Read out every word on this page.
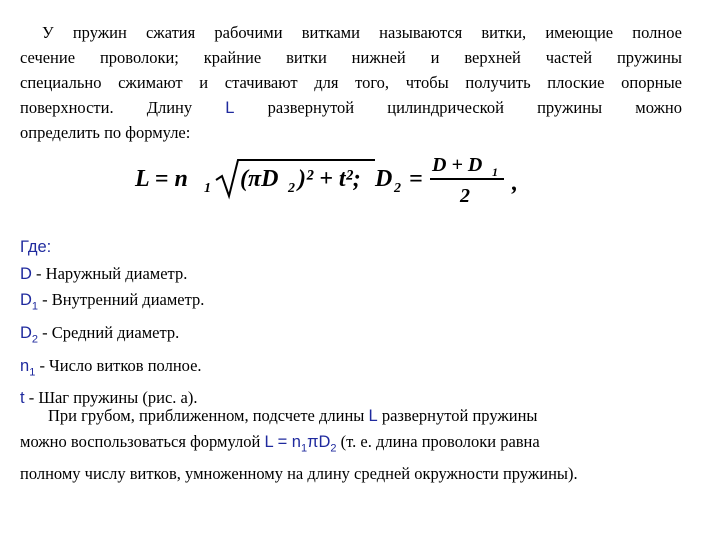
У пружин сжатия рабочими витками называются витки, имеющие полное
сечение проволоки; крайние витки нижней и верхней частей пружины
специально сжимают и стачивают для того, чтобы получить плоские опорные
поверхности. Длину L развернутой цилиндрической пружины можно
определить по формуле:
L = n 1 (πD 2 )² + t²; D 2 =
D + D 1
2 ,
Где:
D - Наружный диаметр.
$D_1$ - Внутренний диаметр.
$D_2$ - Средний диаметр.
$n_1$ - Число витков полное.
t - Шаг пружины (рис. а).
При грубом, приближенном, подсчете длины L развернутой пружины
можно воспользоваться формулой $L = n_1\pi D_2$ (т. е. длина проволоки равна
полному числу витков, умноженному на длину средней окружности пружины).
